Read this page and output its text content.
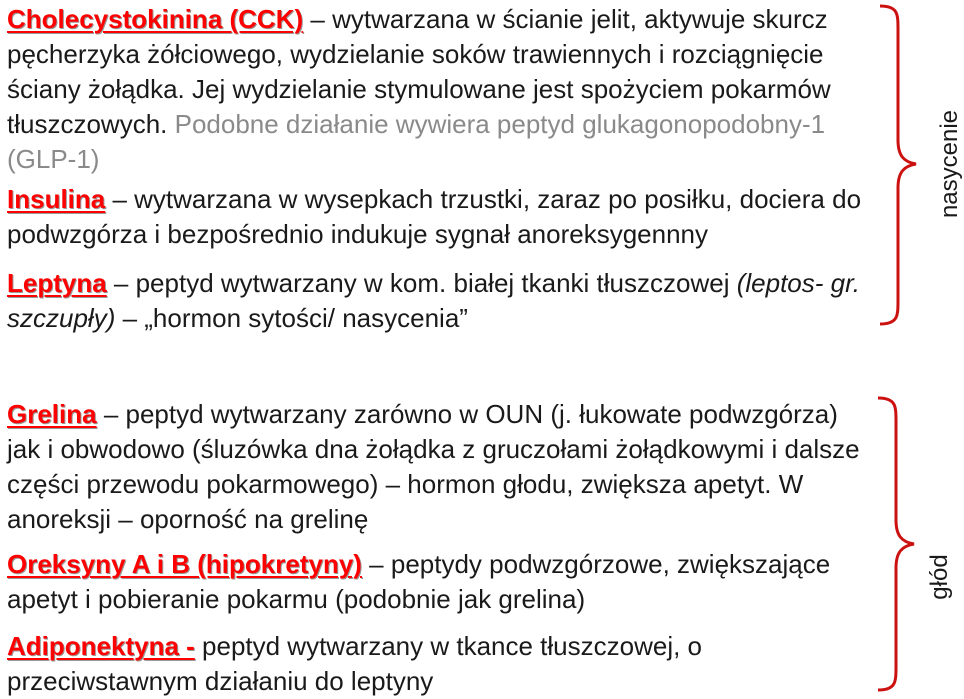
Cholecystokinina (CCK) – wytwarzana w ścianie jelit, aktywuje skurcz pęcherzyka żółciowego, wydzielanie soków trawiennych i rozciągnięcie ściany żołądka. Jej wydzielanie stymulowane jest spożyciem pokarmów tłuszczowych. Podobne działanie wywiera peptyd glukagonopodobny-1 (GLP-1)
Insulina – wytwarzana w wysepkach trzustki, zaraz po posiłku, dociera do podwzgórza i bezpośrednio indukuje sygnał anoreksygennny
Leptyna – peptyd wytwarzany w kom. białej tkanki tłuszczowej (leptos- gr. szczupły) – „hormon sytości/ nasycenia”
Grelina – peptyd wytwarzany zarówno w OUN (j. łukowate podwzgórza) jak i obwodowo (śluzówka dna żołądka z gruczołami żołądkowymi i dalsze części przewodu pokarmowego) – hormon głodu, zwiększa apetyt. W anoreksji – oporność na grelinę
Oreksyny A i B (hipokretyny) – peptydy podwzgórzowe, zwiększające apetyt i pobieranie pokarmu (podobnie jak grelina)
Adiponektyna - peptyd wytwarzany w tkance tłuszczowej, o przeciwstawnym działaniu do leptyny
nasycenie
głód
